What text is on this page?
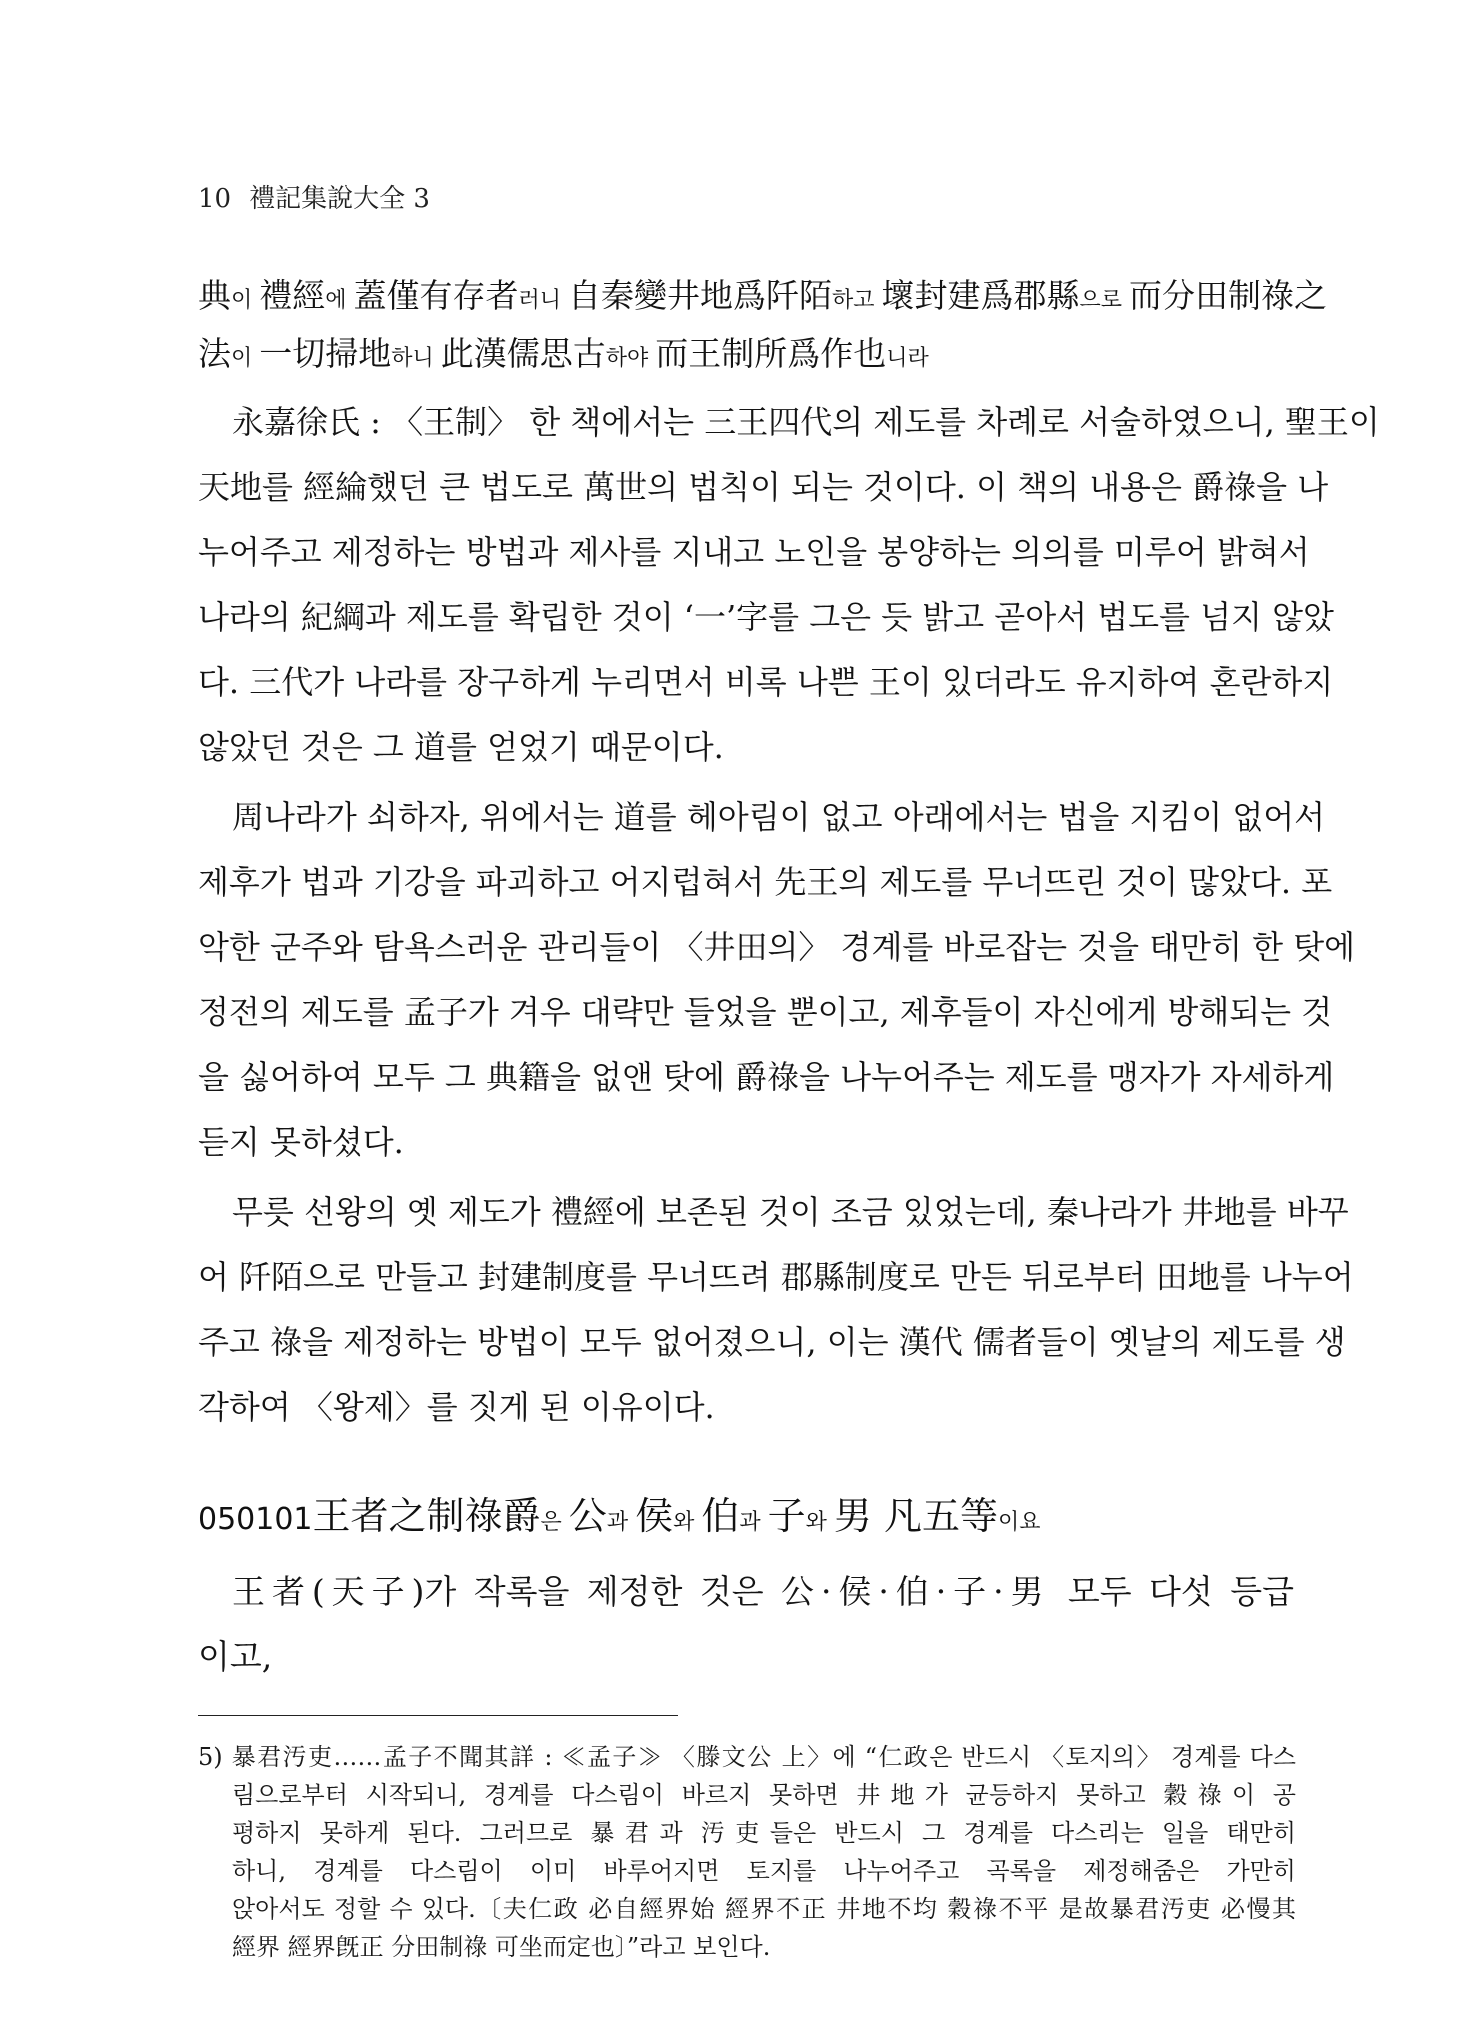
10 禮記集說大全 3
典이 禮經에 蓋僅有存者러니 自秦變井地爲阡陌하고 壞封建爲郡縣으로 而分田制祿之
法이 一切掃地하니 此漢儒思古하야 而王制所爲作也니라
永嘉徐氏 : 〈王制〉 한 책에서는 三王四代의 제도를 차례로 서술하였으니, 聖王이
天地를 經綸했던 큰 법도로 萬世의 법칙이 되는 것이다. 이 책의 내용은 爵祿을 나
누어주고 제정하는 방법과 제사를 지내고 노인을 봉양하는 의의를 미루어 밝혀서
나라의 紀綱과 제도를 확립한 것이 ‘一’字를 그은 듯 밝고 곧아서 법도를 넘지 않았
다. 三代가 나라를 장구하게 누리면서 비록 나쁜 王이 있더라도 유지하여 혼란하지
않았던 것은 그 道를 얻었기 때문이다.
周나라가 쇠하자, 위에서는 道를 헤아림이 없고 아래에서는 법을 지킴이 없어서
제후가 법과 기강을 파괴하고 어지럽혀서 先王의 제도를 무너뜨린 것이 많았다. 포
악한 군주와 탐욕스러운 관리들이 〈井田의〉 경계를 바로잡는 것을 태만히 한 탓에
정전의 제도를 孟子가 겨우 대략만 들었을 뿐이고, 제후들이 자신에게 방해되는 것
을 싫어하여 모두 그 典籍을 없앤 탓에 爵祿을 나누어주는 제도를 맹자가 자세하게
듣지 못하셨다.
무릇 선왕의 옛 제도가 禮經에 보존된 것이 조금 있었는데, 秦나라가 井地를 바꾸
어 阡陌으로 만들고 封建制度를 무너뜨려 郡縣制度로 만든 뒤로부터 田地를 나누어
주고 祿을 제정하는 방법이 모두 없어졌으니, 이는 漢代 儒者들이 옛날의 제도를 생
각하여 〈왕제〉를 짓게 된 이유이다.
050101王者之制祿爵은 公과 侯와 伯과 子와 男 凡五等이요
王者(天子)가 작록을 제정한 것은 公·侯·伯·子·男 모두 다섯 등급
이고,
5) 暴君汚吏……孟子不聞其詳 : ≪孟子≫ 〈滕文公 上〉에 “仁政은 반드시 〈토지의〉 경계를 다스
림으로부터 시작되니, 경계를 다스림이 바르지 못하면 井地가 균등하지 못하고 穀祿이 공
평하지 못하게 된다. 그러므로 暴君과 汚吏들은 반드시 그 경계를 다스리는 일을 태만히
하니, 경계를 다스림이 이미 바루어지면 토지를 나누어주고 곡록을 제정해줌은 가만히
앉아서도 정할 수 있다.〔夫仁政 必自經界始 經界不正 井地不均 穀祿不平 是故暴君汚吏 必慢其
經界 經界旣正 分田制祿 可坐而定也〕”라고 보인다.
